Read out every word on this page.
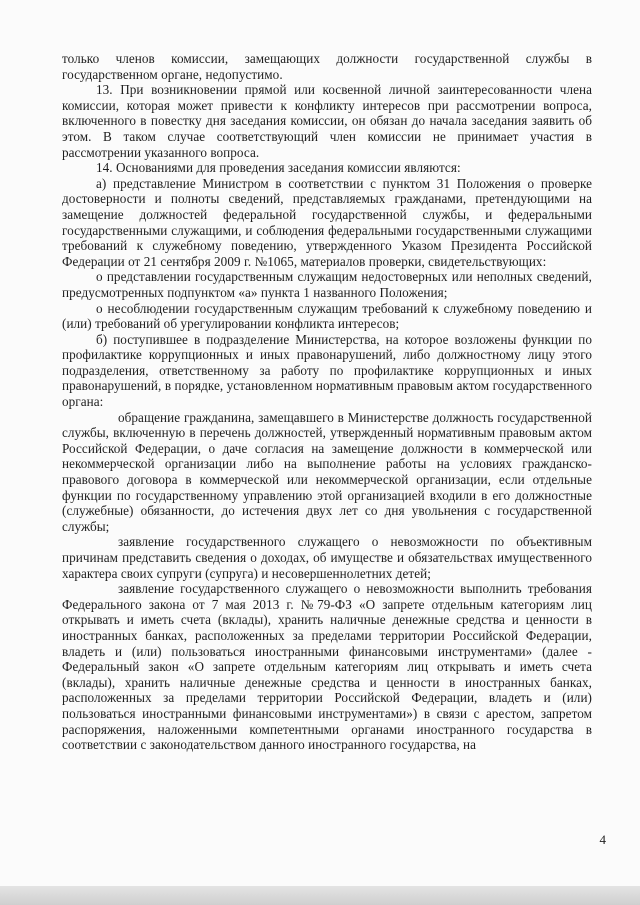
только членов комиссии, замещающих должности государственной службы в государственном органе, недопустимо.

13. При возникновении прямой или косвенной личной заинтересованности члена комиссии, которая может привести к конфликту интересов при рассмотрении вопроса, включенного в повестку дня заседания комиссии, он обязан до начала заседания заявить об этом. В таком случае соответствующий член комиссии не принимает участия в рассмотрении указанного вопроса.

14. Основаниями для проведения заседания комиссии являются:

а) представление Министром в соответствии с пунктом 31 Положения о проверке достоверности и полноты сведений, представляемых гражданами, претендующими на замещение должностей федеральной государственной службы, и федеральными государственными служащими, и соблюдения федеральными государственными служащими требований к служебному поведению, утвержденного Указом Президента Российской Федерации от 21 сентября 2009 г. №1065, материалов проверки, свидетельствующих:

о представлении государственным служащим недостоверных или неполных сведений, предусмотренных подпунктом «а» пункта 1 названного Положения;

о несоблюдении государственным служащим требований к служебному поведению и (или) требований об урегулировании конфликта интересов;

б) поступившее в подразделение Министерства, на которое возложены функции по профилактике коррупционных и иных правонарушений, либо должностному лицу этого подразделения, ответственному за работу по профилактике коррупционных и иных правонарушений, в порядке, установленном нормативным правовым актом государственного органа:

обращение гражданина, замещавшего в Министерстве должность государственной службы, включенную в перечень должностей, утвержденный нормативным правовым актом Российской Федерации, о даче согласия на замещение должности в коммерческой или некоммерческой организации либо на выполнение работы на условиях гражданско-правового договора в коммерческой или некоммерческой организации, если отдельные функции по государственному управлению этой организацией входили в его должностные (служебные) обязанности, до истечения двух лет со дня увольнения с государственной службы;

заявление государственного служащего о невозможности по объективным причинам представить сведения о доходах, об имуществе и обязательствах имущественного характера своих супруги (супруга) и несовершеннолетних детей;

заявление государственного служащего о невозможности выполнить требования Федерального закона от 7 мая 2013 г. №79-ФЗ «О запрете отдельным категориям лиц открывать и иметь счета (вклады), хранить наличные денежные средства и ценности в иностранных банках, расположенных за пределами территории Российской Федерации, владеть и (или) пользоваться иностранными финансовыми инструментами» (далее - Федеральный закон «О запрете отдельным категориям лиц открывать и иметь счета (вклады), хранить наличные денежные средства и ценности в иностранных банках, расположенных за пределами территории Российской Федерации, владеть и (или) пользоваться иностранными финансовыми инструментами») в связи с арестом, запретом распоряжения, наложенными компетентными органами иностранного государства в соответствии с законодательством данного иностранного государства, на

4
